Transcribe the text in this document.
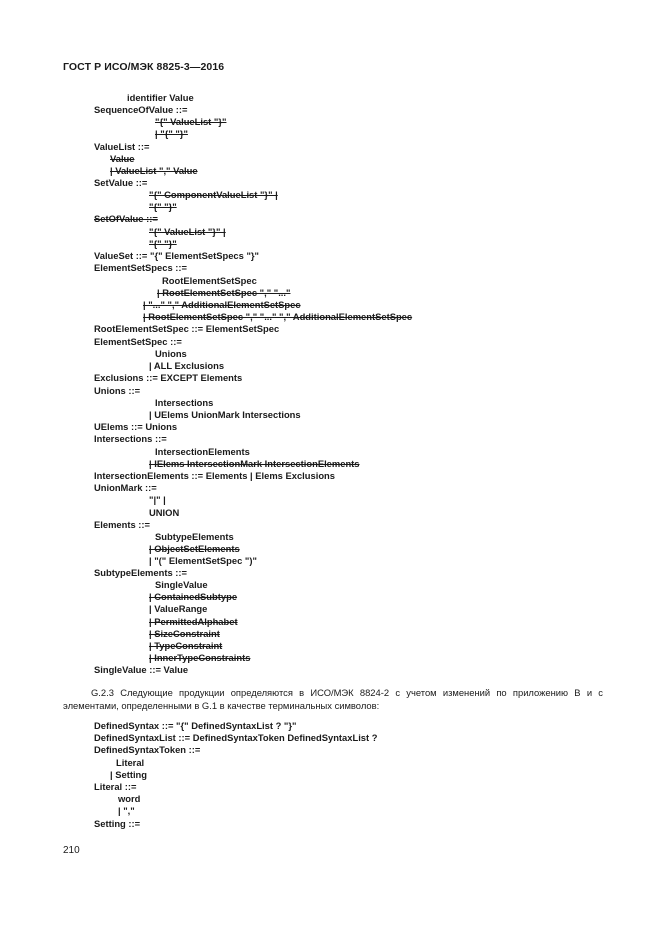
ГОСТ Р ИСО/МЭК 8825-3—2016
identifier Value
SequenceOfValue ::=
"{" ValueList "}"
| "{" "}"
ValueList ::=
Value
| ValueList "," Value
SetValue ::=
"{" ComponentValueList "}" |
"{" "}"
SetOfValue ::=
"{" ValueList "}" |
"{" "}"
ValueSet ::= "{" ElementSetSpecs "}"
ElementSetSpecs ::=
RootElementSetSpec
| RootElementSetSpec "," "..."
| "..." "," AdditionalElementSetSpec
| RootElementSetSpec "," "..." "," AdditionalElementSetSpec
RootElementSetSpec ::= ElementSetSpec
ElementSetSpec ::=
Unions
| ALL Exclusions
Exclusions ::= EXCEPT Elements
Unions ::=
Intersections
| UElems UnionMark Intersections
UElems ::= Unions
Intersections ::=
IntersectionElements
| IElems IntersectionMark IntersectionElements
IntersectionElements ::= Elements | Elems Exclusions
UnionMark ::=
"|" |
UNION
Elements ::=
SubtypeElements
| ObjectSetElements
| "(" ElementSetSpec ")"
SubtypeElements ::=
SingleValue
| ContainedSubtype
| ValueRange
| PermittedAlphabet
| SizeConstraint
| TypeConstraint
| InnerTypeConstraints
SingleValue ::= Value
G.2.3 Следующие продукции определяются в ИСО/МЭК 8824-2 с учетом изменений по приложению В и с элементами, определенными в G.1 в качестве терминальных символов:
DefinedSyntax ::= "{" DefinedSyntaxList ? "}"
DefinedSyntaxList ::= DefinedSyntaxToken DefinedSyntaxList ?
DefinedSyntaxToken ::=
Literal
| Setting
Literal ::=
word
| ","
Setting ::=
210
